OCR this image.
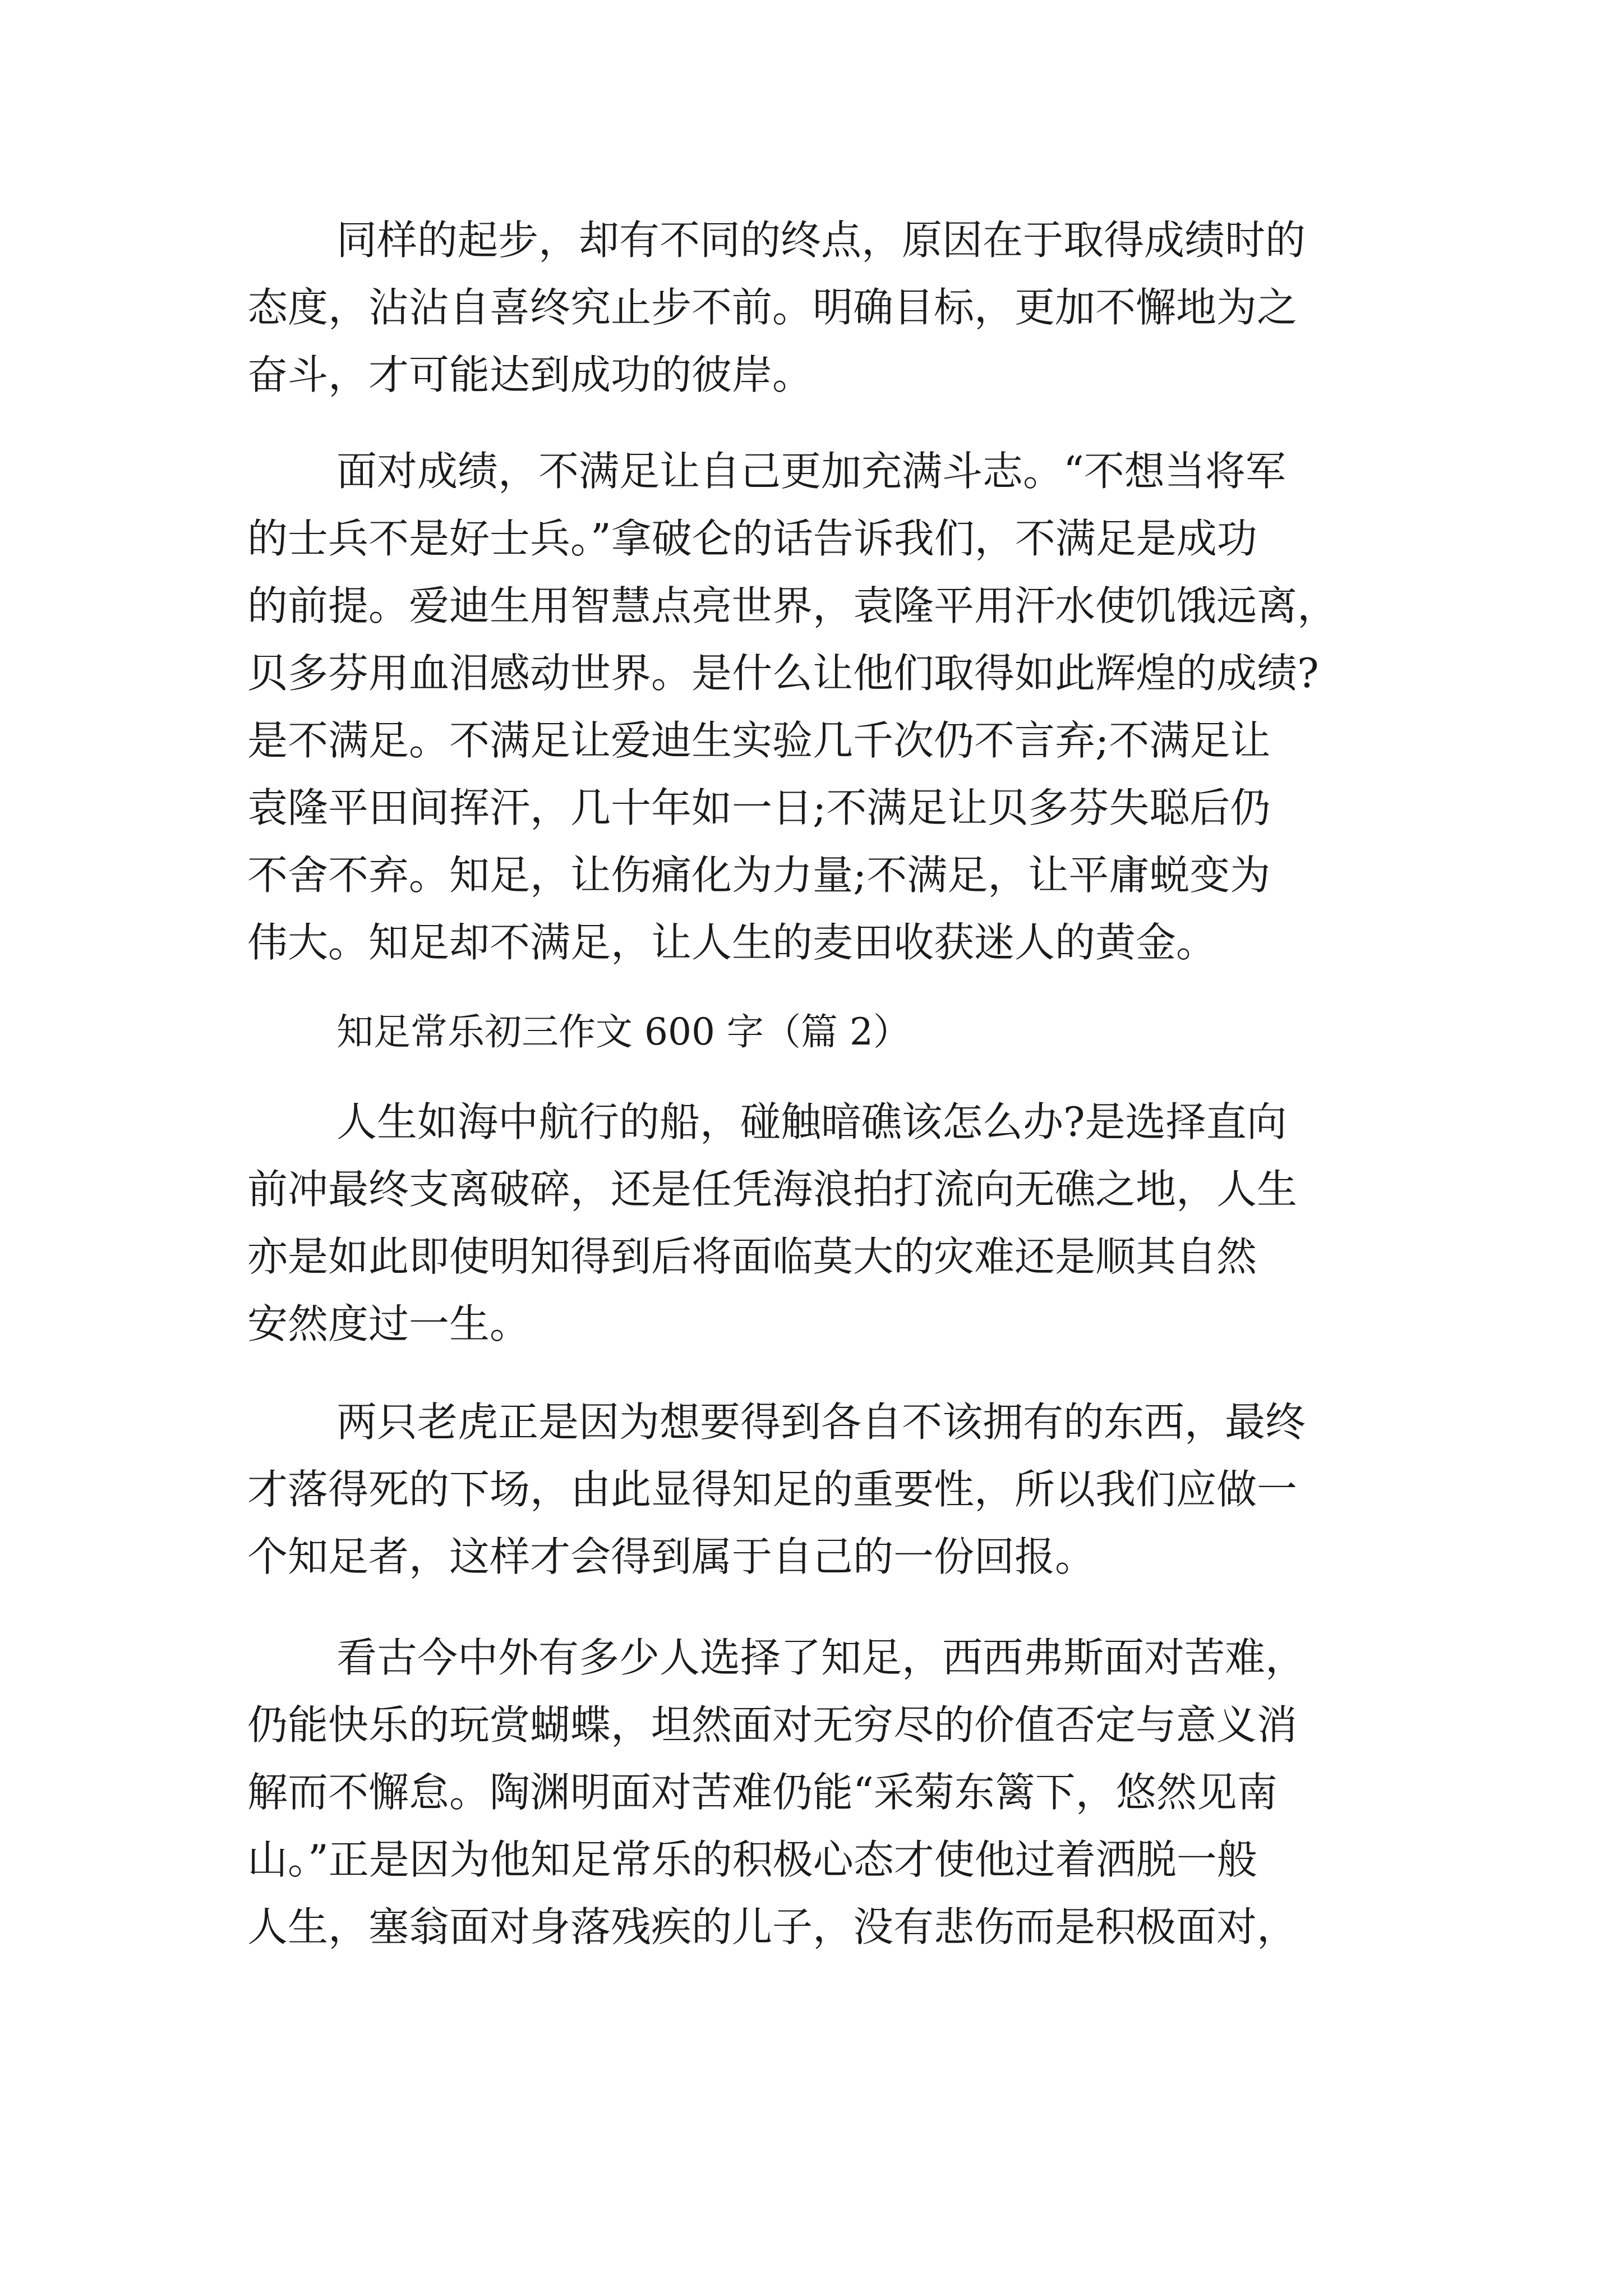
同样的起步，却有不同的终点，原因在于取得成绩时的
态度，沾沾自喜终究止步不前。明确目标，更加不懈地为之
奋斗，才可能达到成功的彼岸。
面对成绩，不满足让自己更加充满斗志。“不想当将军
的士兵不是好士兵。”拿破仑的话告诉我们，不满足是成功
的前提。爱迪生用智慧点亮世界，袁隆平用汗水使饥饿远离，
贝多芬用血泪感动世界。是什么让他们取得如此辉煌的成绩?
是不满足。不满足让爱迪生实验几千次仍不言弃;不满足让
袁隆平田间挥汗，几十年如一日;不满足让贝多芬失聪后仍
不舍不弃。知足，让伤痛化为力量;不满足，让平庸蜕变为
伟大。知足却不满足，让人生的麦田收获迷人的黄金。
知足常乐初三作文 600 字（篇 2）
人生如海中航行的船，碰触暗礁该怎么办?是选择直向
前冲最终支离破碎，还是任凭海浪拍打流向无礁之地，人生
亦是如此即使明知得到后将面临莫大的灾难还是顺其自然
安然度过一生。
两只老虎正是因为想要得到各自不该拥有的东西，最终
才落得死的下场，由此显得知足的重要性，所以我们应做一
个知足者，这样才会得到属于自己的一份回报。
看古今中外有多少人选择了知足，西西弗斯面对苦难，
仍能快乐的玩赏蝴蝶，坦然面对无穷尽的价值否定与意义消
解而不懈怠。陶渊明面对苦难仍能“采菊东篱下，悠然见南
山。”正是因为他知足常乐的积极心态才使他过着洒脱一般
人生，塞翁面对身落残疾的儿子，没有悲伤而是积极面对，
